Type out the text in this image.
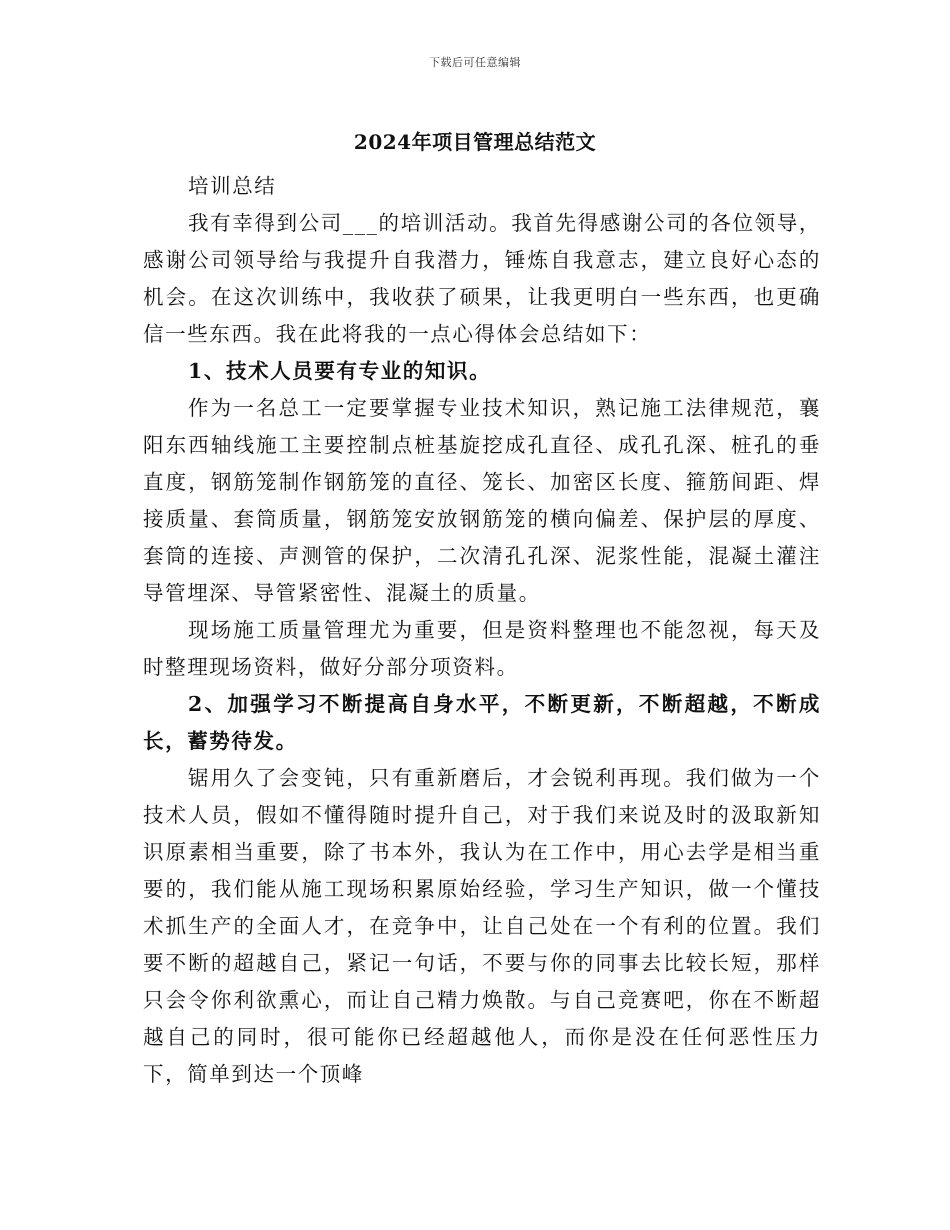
下载后可任意编辑
2024年项目管理总结范文

培训总结

我有幸得到公司___的培训活动。我首先得感谢公司的各位领导，感谢公司领导给与我提升自我潜力，锤炼自我意志，建立良好心态的机会。在这次训练中，我收获了硕果，让我更明白一些东西，也更确信一些东西。我在此将我的一点心得体会总结如下：

1、技术人员要有专业的知识。

作为一名总工一定要掌握专业技术知识，熟记施工法律规范，襄阳东西轴线施工主要控制点桩基旋挖成孔直径、成孔孔深、桩孔的垂直度，钢筋笼制作钢筋笼的直径、笼长、加密区长度、箍筋间距、焊接质量、套筒质量，钢筋笼安放钢筋笼的横向偏差、保护层的厚度、套筒的连接、声测管的保护，二次清孔孔深、泥浆性能，混凝土灌注导管埋深、导管紧密性、混凝土的质量。

现场施工质量管理尤为重要，但是资料整理也不能忽视，每天及时整理现场资料，做好分部分项资料。

2、加强学习不断提高自身水平，不断更新，不断超越，不断成长，蓄势待发。

锯用久了会变钝，只有重新磨后，才会锐利再现。我们做为一个技术人员，假如不懂得随时提升自己，对于我们来说及时的汲取新知识原素相当重要，除了书本外，我认为在工作中，用心去学是相当重要的，我们能从施工现场积累原始经验，学习生产知识，做一个懂技术抓生产的全面人才，在竞争中，让自己处在一个有利的位置。我们要不断的超越自己，紧记一句话，不要与你的同事去比较长短，那样只会令你利欲熏心，而让自己精力焕散。与自己竞赛吧，你在不断超越自己的同时，很可能你已经超越他人，而你是没在任何恶性压力下，简单到达一个顶峰
